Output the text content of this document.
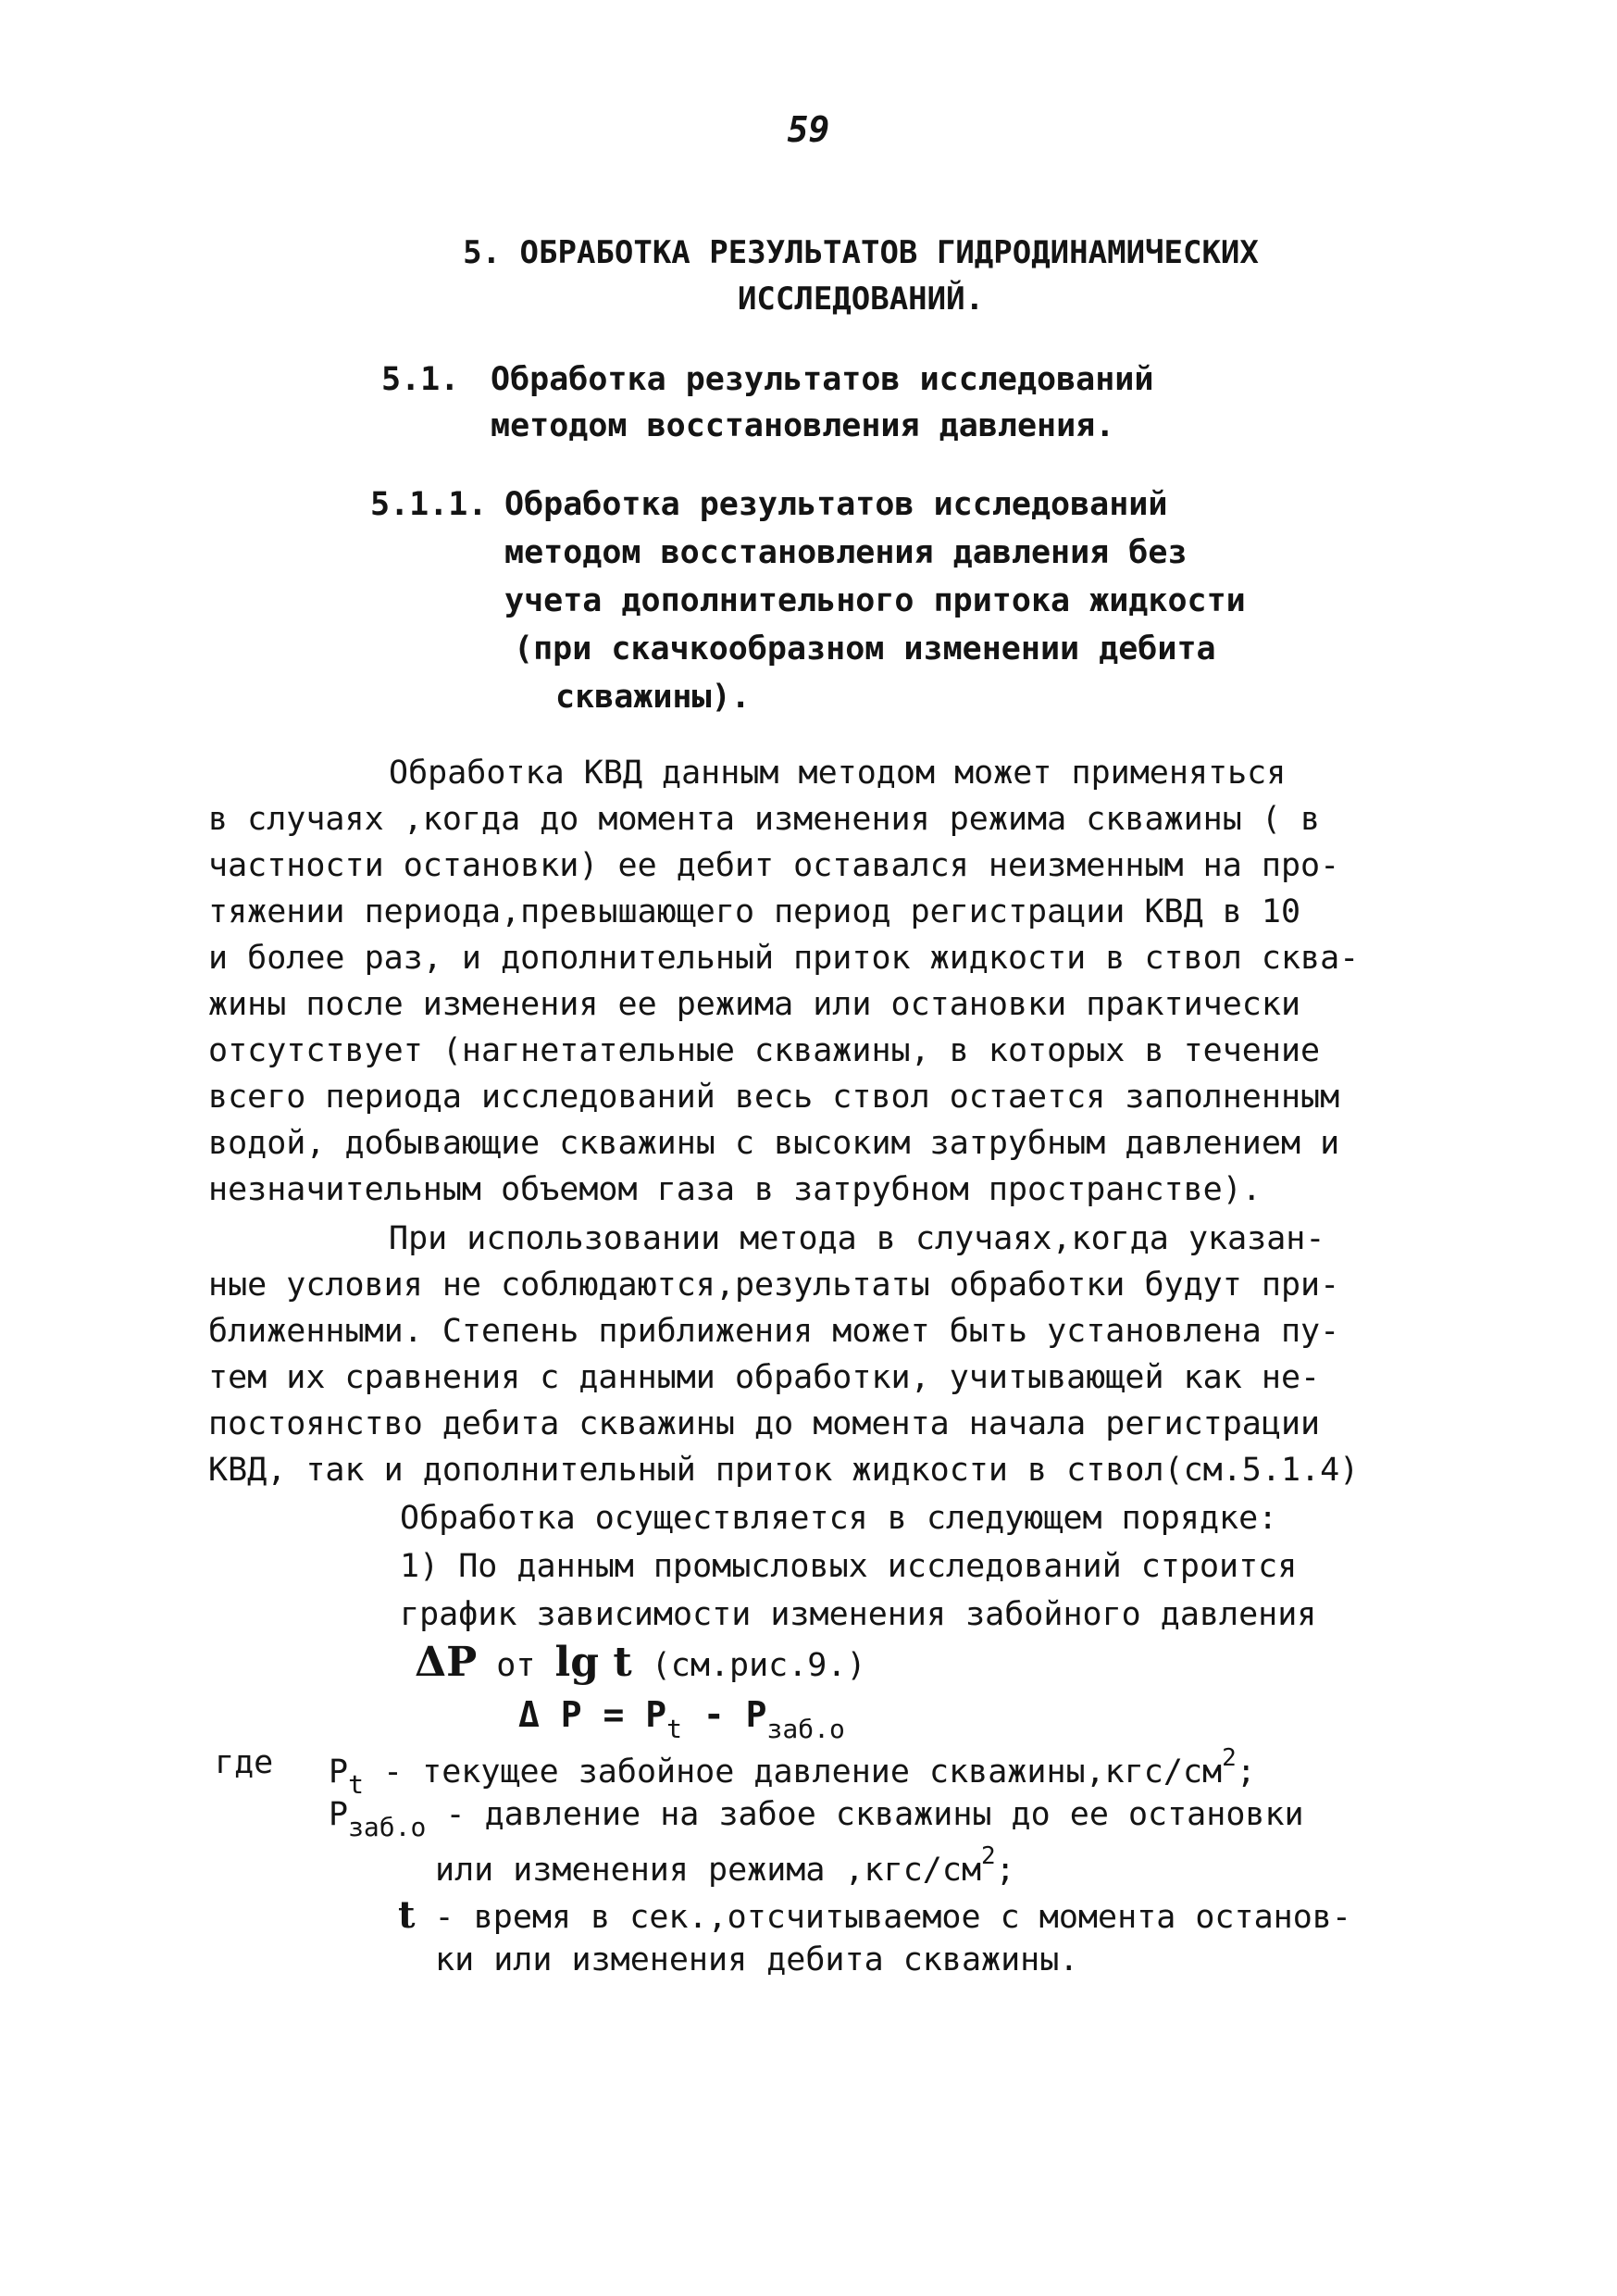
59
5. ОБРАБОТКА РЕЗУЛЬТАТОВ ГИДРОДИНАМИЧЕСКИХ
ИССЛЕДОВАНИЙ.

5.1.

Обработка результатов исследований

методом восстановления давления.

5.1.1.

Обработка результатов исследований

методом восстановления давления без

учета дополнительного притока жидкости

(при скачкообразном изменении дебита

скважины).

Обработка КВД данным методом может применяться
в случаях ,когда до момента изменения режима скважины ( в
частности остановки) ее дебит оставался неизменным на про-
тяжении периода,превышающего период регистрации КВД в 10
и более раз, и дополнительный приток жидкости в ствол сква-
жины после изменения ее режима или остановки практически
отсутствует (нагнетательные скважины, в которых в течение
всего периода исследований весь ствол остается заполненным
водой, добывающие скважины с высоким затрубным давлением и
незначительным объемом газа в затрубном пространстве).
При использовании метода в случаях,когда указан-
ные условия не соблюдаются,результаты обработки будут при-
ближенными. Степень приближения может быть установлена пу-
тем их сравнения с данными обработки, учитывающей как не-
постоянство дебита скважины до момента начала регистрации
КВД, так и дополнительный приток жидкости в ствол(см.5.1.4)
Обработка осуществляется в следующем порядке:
1) По данным промысловых исследований строится
график зависимости изменения забойного давления
ΔP от lg t (см.рис.9.)
Δ $P = P_t - P_{заб.о}$
где $P_t$ - текущее забойное давление $скважины,кгс/см^2$;
$P_{заб.о}$ - давление на забое скважины до ее остановки
или изменения режима $,кгс/см^2$;
t - время в сек.,отсчитываемое с момента останов-
ки или изменения дебита скважины.
